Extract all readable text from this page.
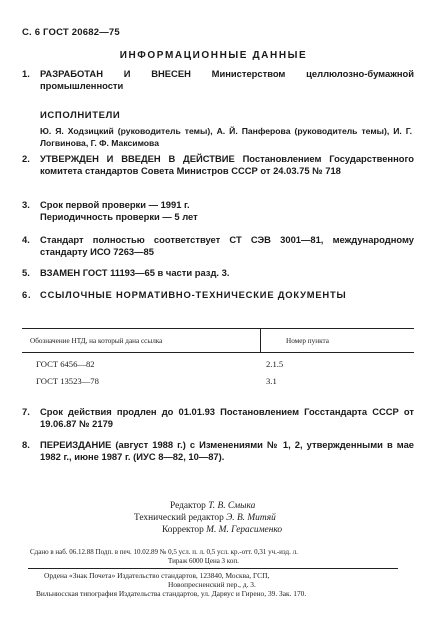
С. 6 ГОСТ 20682—75
ИНФОРМАЦИОННЫЕ ДАННЫЕ
1. РАЗРАБОТАН И ВНЕСЕН Министерством целлюлозно-бумажной промышленности
ИСПОЛНИТЕЛИ
Ю. Я. Ходзицкий (руководитель темы), А. Й. Панферова (руководитель темы), И. Г. Логвинова, Г. Ф. Максимова
2. УТВЕРЖДЕН И ВВЕДЕН В ДЕЙСТВИЕ Постановлением Государственного комитета стандартов Совета Министров СССР от 24.03.75 № 718
3. Срок первой проверки — 1991 г.
Периодичность проверки — 5 лет
4. Стандарт полностью соответствует СТ СЭВ 3001—81, международному стандарту ИСО 7263—85
5. ВЗАМЕН ГОСТ 11193—65 в части разд. 3.
6. ССЫЛОЧНЫЕ НОРМАТИВНО-ТЕХНИЧЕСКИЕ ДОКУМЕНТЫ
Обозначение НТД, на который дана ссылка	Номер пункта
ГОСТ 6456—82	2.1.5
ГОСТ 13523—78	3.1
7. Срок действия продлен до 01.01.93 Постановлением Госстандарта СССР от 19.06.87 № 2179
8. ПЕРЕИЗДАНИЕ (август 1988 г.) с Изменениями № 1, 2, утвержденными в мае 1982 г., июне 1987 г. (ИУС 8—82, 10—87).
Редактор Т. В. Смыка
Технический редактор Э. В. Митяй
Корректор М. М. Герасименко
Сдано в наб. 06.12.88 Подп. в печ. 10.02.89 № 0,5 усл. п. л. 0,5 усл. кр.-отт. 0,31 уч.-изд. л.
Тираж 6000 Цена 3 коп.
Ордена «Знак Почета» Издательство стандартов, 123840, Москва, ГСП,
Новопресненский пер., д. 3.
Вильнюсская типография Издательства стандартов, ул. Даряус и Гирено, 39. Зак. 170.
